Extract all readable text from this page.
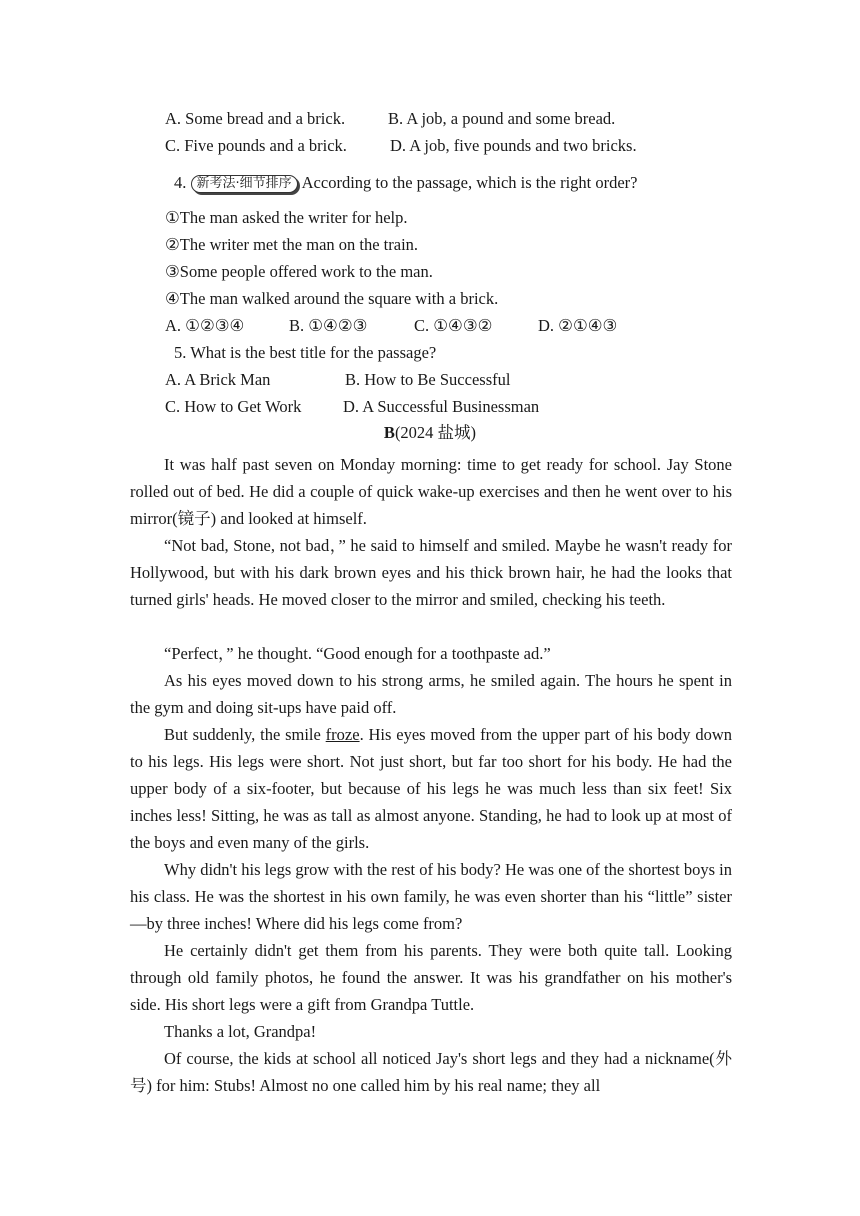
A. Some bread and a brick.	B. A job, a pound and some bread.
C. Five pounds and a brick.	D. A job, five pounds and two bricks.
4. 新考法·细节排序 According to the passage, which is the right order?
①The man asked the writer for help.
②The writer met the man on the train.
③Some people offered work to the man.
④The man walked around the square with a brick.
A. ①②③④	B. ①④②③	C. ①④③②	D. ②①④③
5. What is the best title for the passage?
A. A Brick Man	B. How to Be Successful
C. How to Get Work	D. A Successful Businessman
B(2024 盐城)

It was half past seven on Monday morning: time to get ready for school. Jay Stone rolled out of bed. He did a couple of quick wake-up exercises and then he went over to his mirror(镜子) and looked at himself.

“Not bad, Stone, not bad，” he said to himself and smiled. Maybe he wasn't ready for Hollywood, but with his dark brown eyes and his thick brown hair, he had the looks that turned girls' heads. He moved closer to the mirror and smiled, checking his teeth.

“Perfect，” he thought. “Good enough for a toothpaste ad.”

As his eyes moved down to his strong arms, he smiled again. The hours he spent in the gym and doing sit-ups have paid off.

But suddenly, the smile froze. His eyes moved from the upper part of his body down to his legs. His legs were short. Not just short, but far too short for his body. He had the upper body of a six-footer, but because of his legs he was much less than six feet! Six inches less! Sitting, he was as tall as almost anyone. Standing, he had to look up at most of the boys and even many of the girls.

Why didn't his legs grow with the rest of his body? He was one of the shortest boys in his class. He was the shortest in his own family, he was even shorter than his “little” sister—by three inches! Where did his legs come from?

He certainly didn't get them from his parents. They were both quite tall. Looking through old family photos, he found the answer. It was his grandfather on his mother's side. His short legs were a gift from Grandpa Tuttle.

Thanks a lot, Grandpa!

Of course, the kids at school all noticed Jay's short legs and they had a nickname(外号) for him: Stubs! Almost no one called him by his real name; they all
